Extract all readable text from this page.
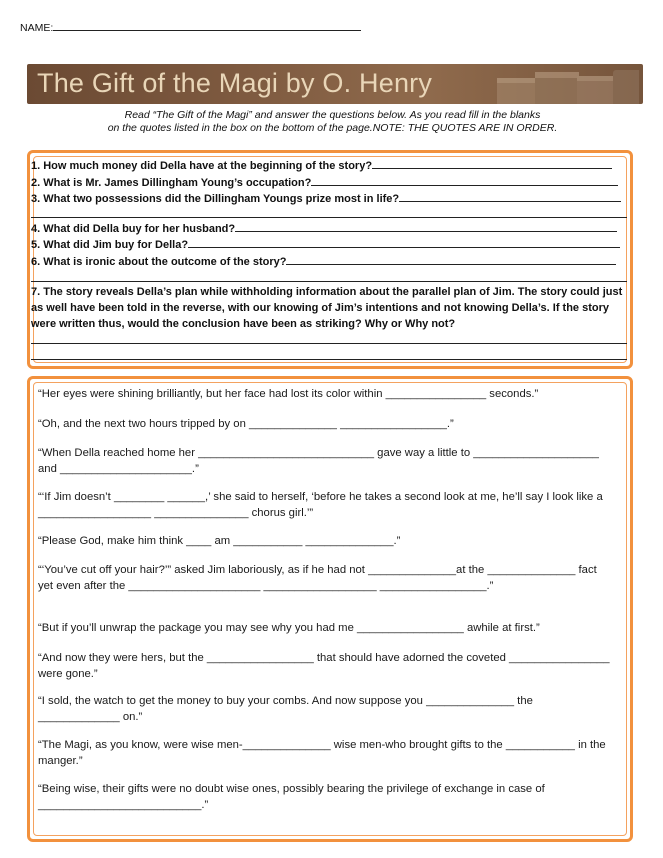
NAME:
The Gift of the Magi by O. Henry
Read “The Gift of the Magi” and answer the questions below. As you read fill in the blanks
on the quotes listed in the box on the bottom of the page.NOTE: THE QUOTES ARE IN ORDER.
1. How much money did Della have at the beginning of the story?
2. What is Mr. James Dillingham Young’s occupation?
3. What two possessions did the Dillingham Youngs prize most in life?
4. What did Della buy for her husband?
5. What did Jim buy for Della?
6. What is ironic about the outcome of the story?
7. The story reveals Della’s plan while withholding information about the parallel plan of Jim. The story could just as well have been told in the reverse, with our knowing of Jim’s intentions and not knowing Della’s. If the story were written thus, would the conclusion have been as striking? Why or Why not?
“Her eyes were shining brilliantly, but her face had lost its color within ________________ seconds.”
“Oh, and the next two hours tripped by on ______________ _________________.”
“When Della reached home her ____________________________ gave way a little to ____________________ and _____________________.”
“‘If Jim doesn’t ________ ______,’ she said to herself, ‘before he takes a second look at me, he’ll say I look like a __________________ _______________ chorus girl.’”
“Please God, make him think ____ am ___________ ______________.”
“‘You’ve cut off your hair?’” asked Jim laboriously, as if he had not ______________at the ______________ fact yet even after the _____________________ __________________ _________________.”
“But if you’ll unwrap the package you may see why you had me _________________ awhile at first.”
“And now they were hers, but the _________________ that should have adorned the coveted ________________ were gone.”
“I sold, the watch to get the money to buy your combs. And now suppose you ______________ the _____________ on.”
“The Magi, as you know, were wise men-______________ wise men-who brought gifts to the ___________ in the manger.”
“Being wise, their gifts were no doubt wise ones, possibly bearing the privilege of exchange in case of __________________________.”
